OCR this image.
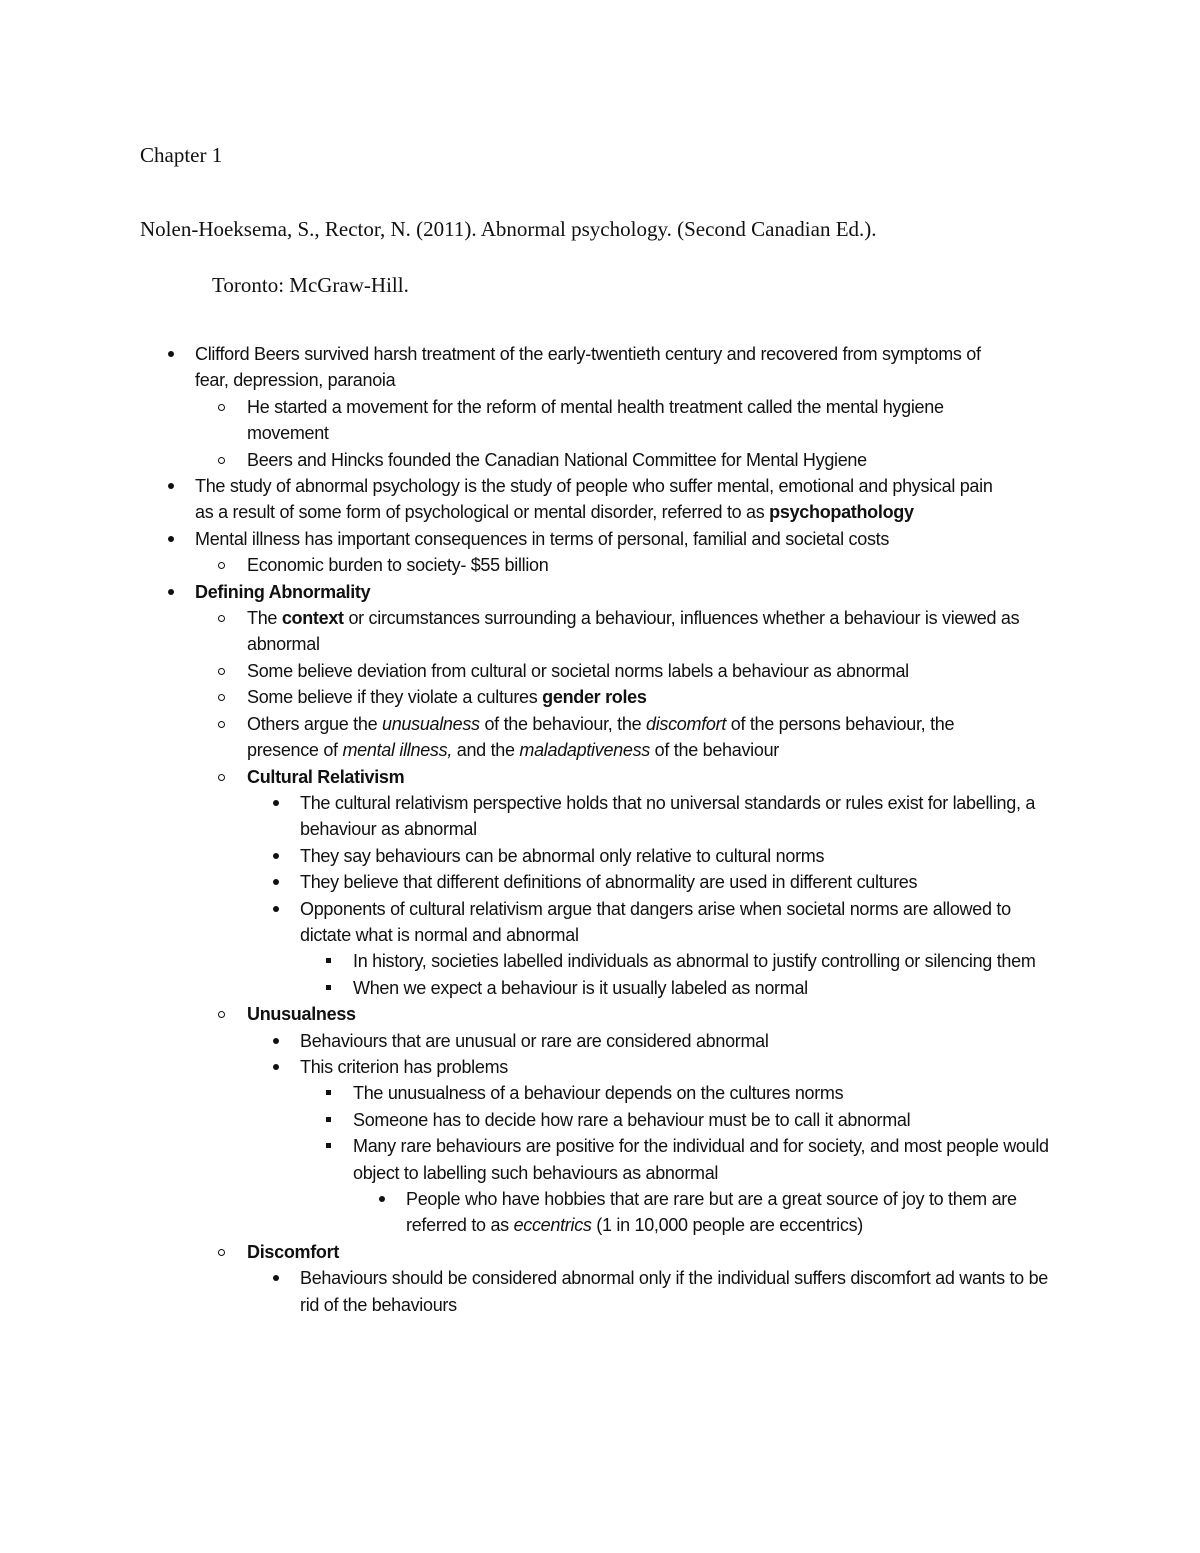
Chapter 1
Nolen-Hoeksema, S., Rector, N. (2011). Abnormal psychology. (Second Canadian Ed.).
Toronto: McGraw-Hill.
Clifford Beers survived harsh treatment of the early-twentieth century and recovered from symptoms of fear, depression, paranoia
He started a movement for the reform of mental health treatment called the mental hygiene movement
Beers and Hincks founded the Canadian National Committee for Mental Hygiene
The study of abnormal psychology is the study of people who suffer mental, emotional and physical pain as a result of some form of psychological or mental disorder, referred to as psychopathology
Mental illness has important consequences in terms of personal, familial and societal costs
Economic burden to society- $55 billion
Defining Abnormality
The context or circumstances surrounding a behaviour, influences whether a behaviour is viewed as abnormal
Some believe deviation from cultural or societal norms labels a behaviour as abnormal
Some believe if they violate a cultures gender roles
Others argue the unusualness of the behaviour, the discomfort of the persons behaviour, the presence of mental illness, and the maladaptiveness of the behaviour
Cultural Relativism
The cultural relativism perspective holds that no universal standards or rules exist for labelling, a behaviour as abnormal
They say behaviours can be abnormal only relative to cultural norms
They believe that different definitions of abnormality are used in different cultures
Opponents of cultural relativism argue that dangers arise when societal norms are allowed to dictate what is normal and abnormal
In history, societies labelled individuals as abnormal to justify controlling or silencing them
When we expect a behaviour is it usually labeled as normal
Unusualness
Behaviours that are unusual or rare are considered abnormal
This criterion has problems
The unusualness of a behaviour depends on the cultures norms
Someone has to decide how rare a behaviour must be to call it abnormal
Many rare behaviours are positive for the individual and for society, and most people would object to labelling such behaviours as abnormal
People who have hobbies that are rare but are a great source of joy to them are referred to as eccentrics (1 in 10,000 people are eccentrics)
Discomfort
Behaviours should be considered abnormal only if the individual suffers discomfort ad wants to be rid of the behaviours
